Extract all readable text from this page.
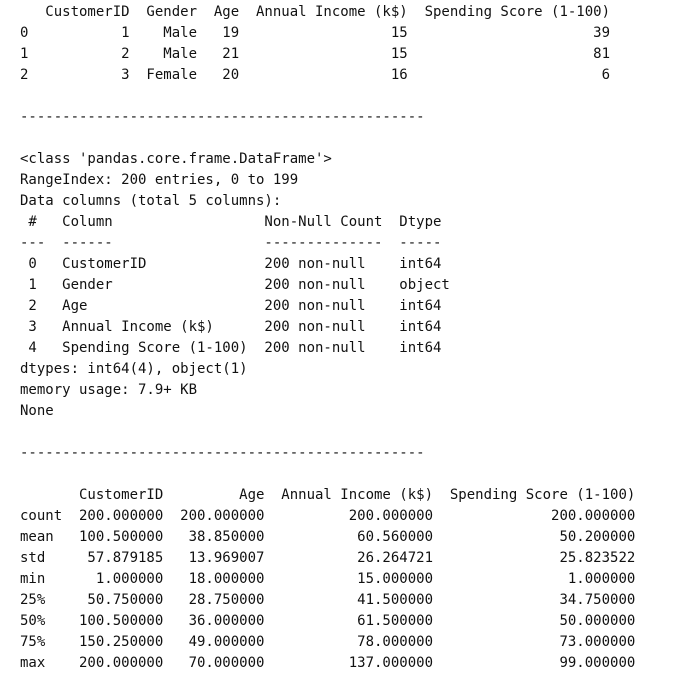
CustomerID  Gender  Age  Annual Income (k$)  Spending Score (1-100)
0           1    Male   19                  15                      39
1           2    Male   21                  15                      81
2           3  Female   20                  16                       6
------------------------------------------------
<class 'pandas.core.frame.DataFrame'>
RangeIndex: 200 entries, 0 to 199
Data columns (total 5 columns):
#   Column                  Non-Null Count  Dtype
---  ------                  --------------  -----
0   CustomerID              200 non-null    int64
1   Gender                  200 non-null    object
2   Age                     200 non-null    int64
3   Annual Income (k$)      200 non-null    int64
4   Spending Score (1-100)  200 non-null    int64
dtypes: int64(4), object(1)
memory usage: 7.9+ KB
None
------------------------------------------------
CustomerID         Age  Annual Income (k$)  Spending Score (1-100)
count  200.000000  200.000000          200.000000              200.000000
mean   100.500000   38.850000           60.560000               50.200000
std     57.879185   13.969007           26.264721               25.823522
min      1.000000   18.000000           15.000000                1.000000
25%     50.750000   28.750000           41.500000               34.750000
50%    100.500000   36.000000           61.500000               50.000000
75%    150.250000   49.000000           78.000000               73.000000
max    200.000000   70.000000          137.000000               99.000000
